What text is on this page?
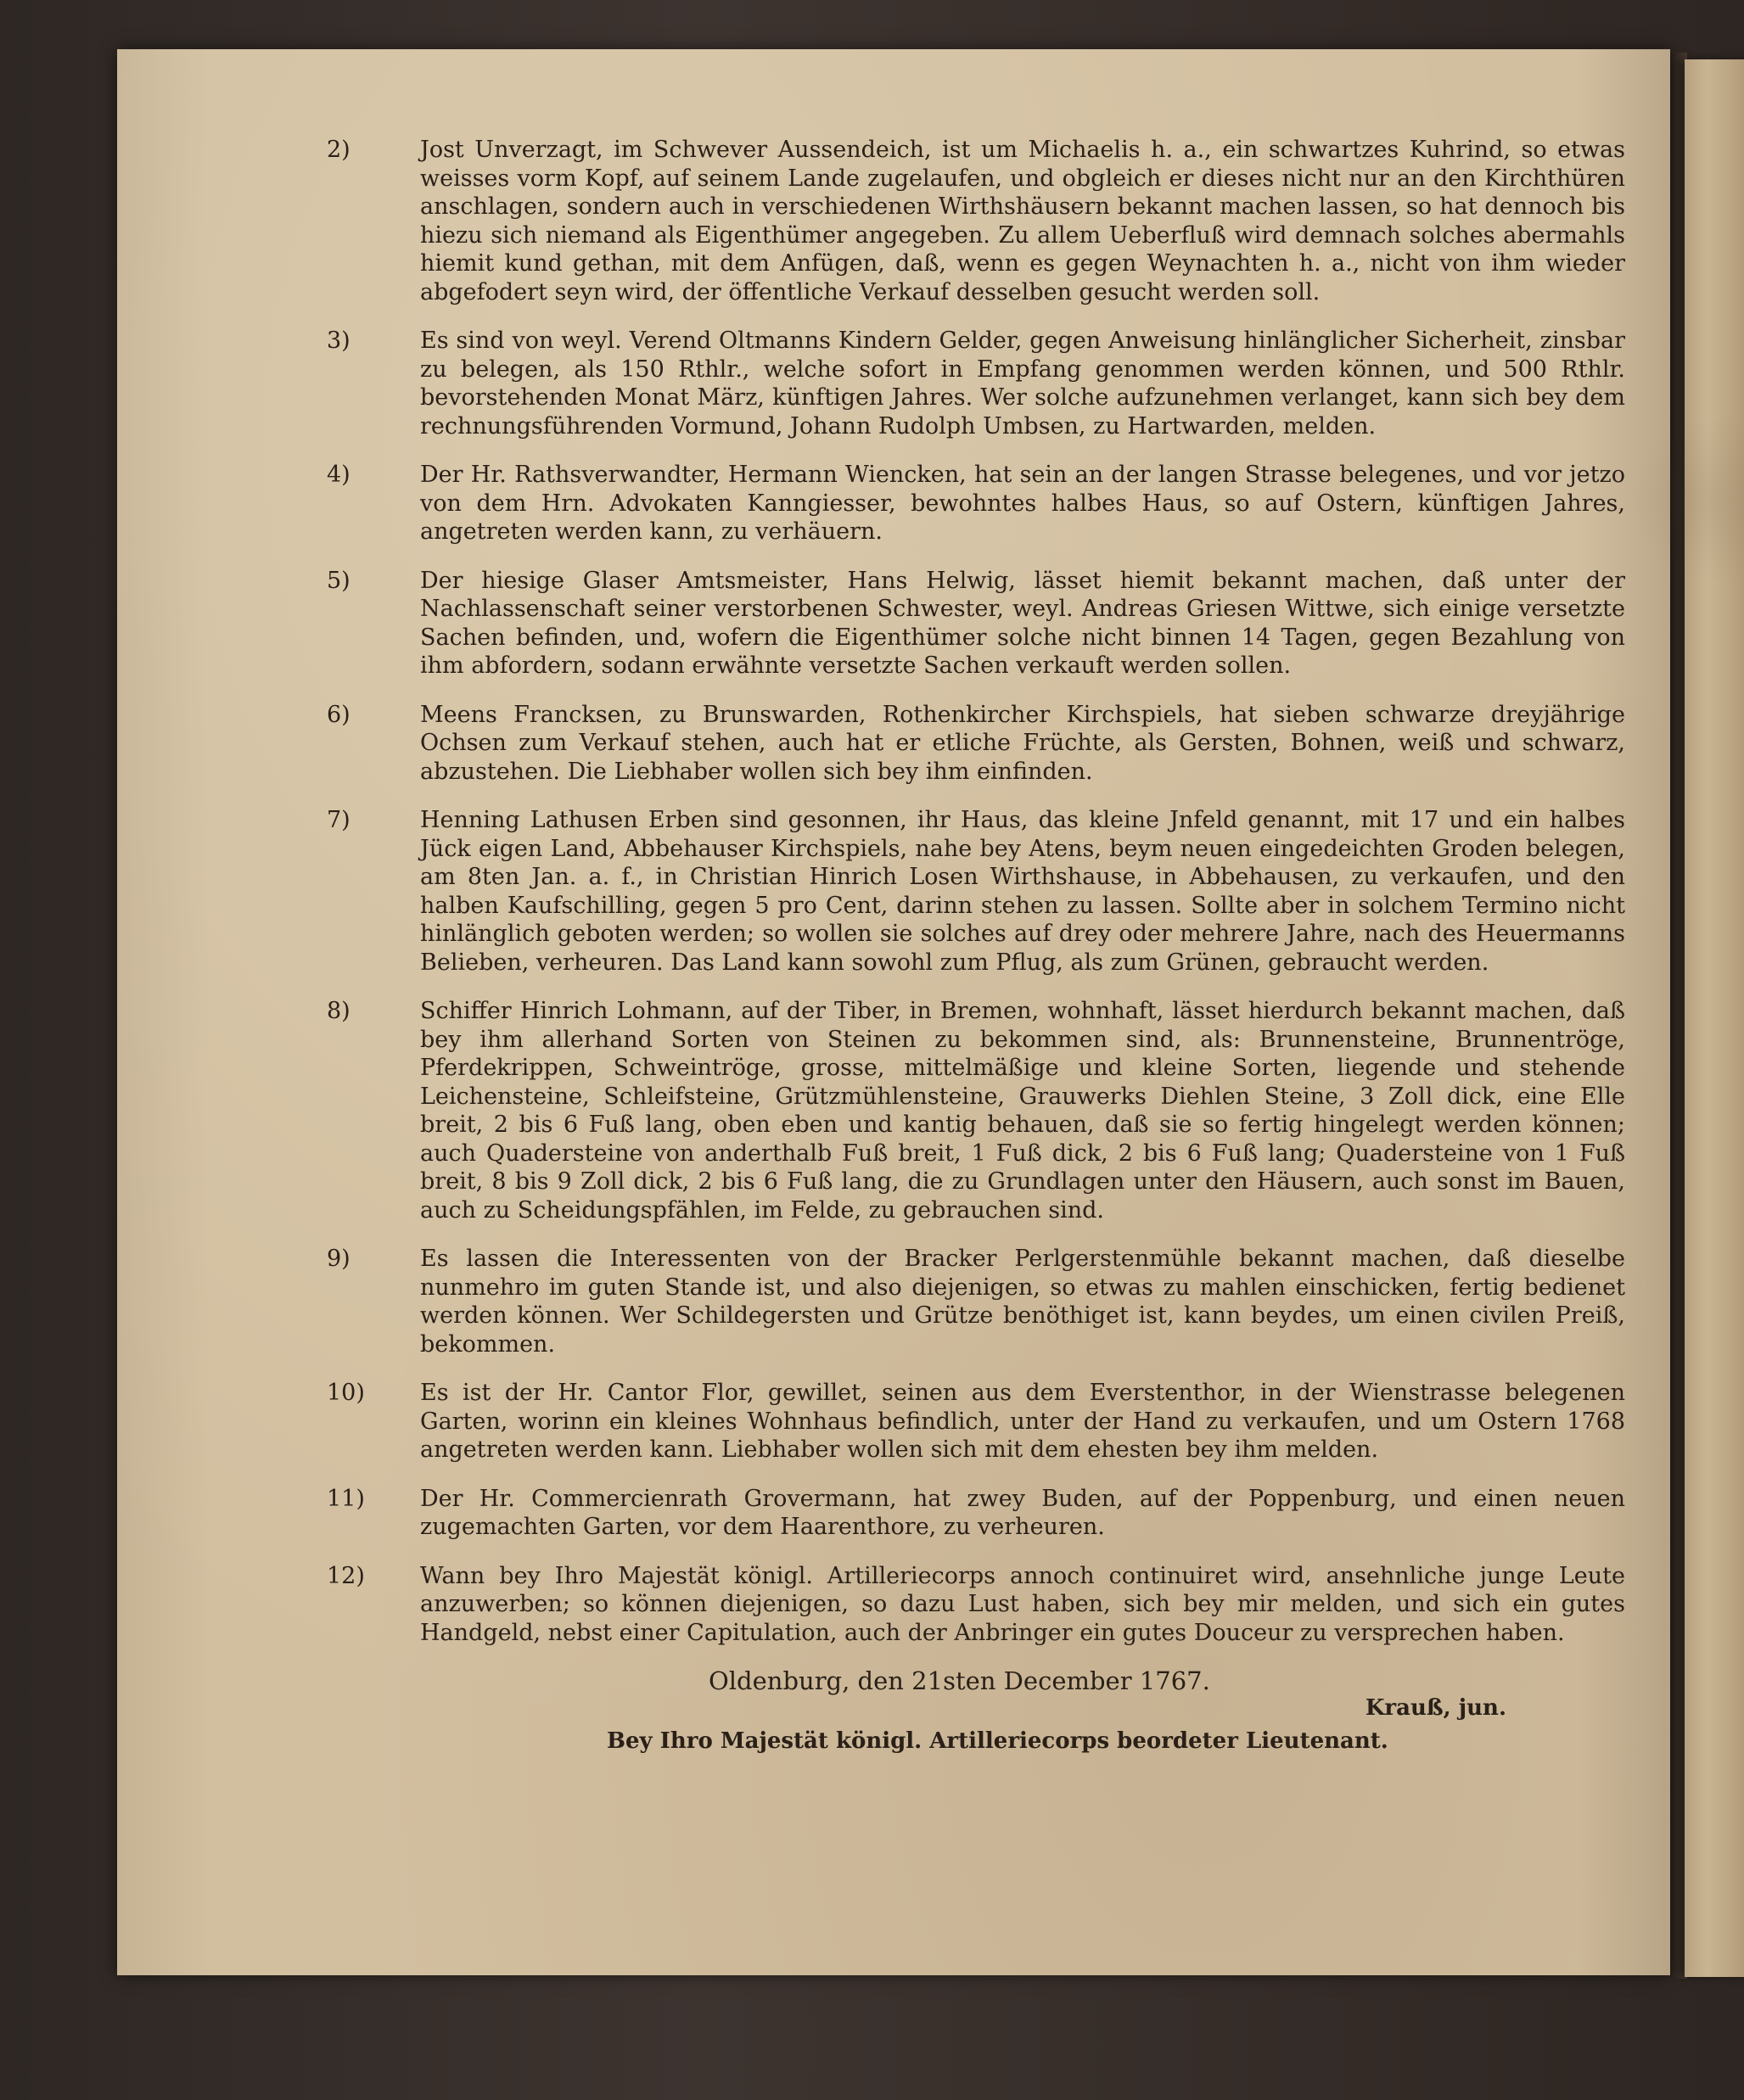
2)	Jost Unverzagt, im Schwever Aussendeich, ist um Michaelis h. a., ein schwartzes Kuhrind, so etwas weisses vorm Kopf, auf seinem Lande zugelaufen, und obgleich er dieses nicht nur an den Kirchthüren anschlagen, sondern auch in verschiedenen Wirthshäusern bekannt machen lassen, so hat dennoch bis hiezu sich niemand als Eigenthümer angegeben. Zu allem Ueberfluß wird demnach solches abermahls hiemit kund gethan, mit dem Anfügen, daß, wenn es gegen Weynachten h. a., nicht von ihm wieder abgefodert seyn wird, der öffentliche Verkauf desselben gesucht werden soll.
3)	Es sind von weyl. Verend Oltmanns Kindern Gelder, gegen Anweisung hinlänglicher Sicherheit, zinsbar zu belegen, als 150 Rthlr., welche sofort in Empfang genommen werden können, und 500 Rthlr. bevorstehenden Monat März, künftigen Jahres. Wer solche aufzunehmen verlanget, kann sich bey dem rechnungsführenden Vormund, Johann Rudolph Umbsen, zu Hartwarden, melden.
4)	Der Hr. Rathsverwandter, Hermann Wiencken, hat sein an der langen Strasse belegenes, und vor jetzo von dem Hrn. Advokaten Kanngiesser, bewohntes halbes Haus, so auf Ostern, künftigen Jahres, angetreten werden kann, zu verhäuern.
5)	Der hiesige Glaser Amtsmeister, Hans Helwig, lässet hiemit bekannt machen, daß unter der Nachlassenschaft seiner verstorbenen Schwester, weyl. Andreas Griesen Wittwe, sich einige versetzte Sachen befinden, und, wofern die Eigenthümer solche nicht binnen 14 Tagen, gegen Bezahlung von ihm abfordern, sodann erwähnte versetzte Sachen verkauft werden sollen.
6)	Meens Francksen, zu Brunswarden, Rothenkircher Kirchspiels, hat sieben schwarze dreyjährige Ochsen zum Verkauf stehen, auch hat er etliche Früchte, als Gersten, Bohnen, weiß und schwarz, abzustehen. Die Liebhaber wollen sich bey ihm einfinden.
7)	Henning Lathusen Erben sind gesonnen, ihr Haus, das kleine Jnfeld genannt, mit 17 und ein halbes Jück eigen Land, Abbehauser Kirchspiels, nahe bey Atens, beym neuen eingedeichten Groden belegen, am 8ten Jan. a. f., in Christian Hinrich Losen Wirthshause, in Abbehausen, zu verkaufen, und den halben Kaufschilling, gegen 5 pro Cent, darinn stehen zu lassen. Sollte aber in solchem Termino nicht hinlänglich geboten werden; so wollen sie solches auf drey oder mehrere Jahre, nach des Heuermanns Belieben, verheuren. Das Land kann sowohl zum Pflug, als zum Grünen, gebraucht werden.
8)	Schiffer Hinrich Lohmann, auf der Tiber, in Bremen, wohnhaft, lässet hierdurch bekannt machen, daß bey ihm allerhand Sorten von Steinen zu bekommen sind, als: Brunnensteine, Brunnentröge, Pferdekrippen, Schweintröge, grosse, mittelmäßige und kleine Sorten, liegende und stehende Leichensteine, Schleifsteine, Grützmühlensteine, Grauwerks Diehlen Steine, 3 Zoll dick, eine Elle breit, 2 bis 6 Fuß lang, oben eben und kantig behauen, daß sie so fertig hingelegt werden können; auch Quadersteine von anderthalb Fuß breit, 1 Fuß dick, 2 bis 6 Fuß lang; Quadersteine von 1 Fuß breit, 8 bis 9 Zoll dick, 2 bis 6 Fuß lang, die zu Grundlagen unter den Häusern, auch sonst im Bauen, auch zu Scheidungspfählen, im Felde, zu gebrauchen sind.
9)	Es lassen die Interessenten von der Bracker Perlgerstenmühle bekannt machen, daß dieselbe nunmehro im guten Stande ist, und also diejenigen, so etwas zu mahlen einschicken, fertig bedienet werden können. Wer Schildegersten und Grütze benöthiget ist, kann beydes, um einen civilen Preiß, bekommen.
10)	Es ist der Hr. Cantor Flor, gewillet, seinen aus dem Everstenthor, in der Wienstrasse belegenen Garten, worinn ein kleines Wohnhaus befindlich, unter der Hand zu verkaufen, und um Ostern 1768 angetreten werden kann. Liebhaber wollen sich mit dem ehesten bey ihm melden.
11)	Der Hr. Commercienrath Grovermann, hat zwey Buden, auf der Poppenburg, und einen neuen zugemachten Garten, vor dem Haarenthore, zu verheuren.
12)	Wann bey Ihro Majestät königl. Artilleriecorps annoch continuiret wird, ansehnliche junge Leute anzuwerben; so können diejenigen, so dazu Lust haben, sich bey mir melden, und sich ein gutes Handgeld, nebst einer Capitulation, auch der Anbringer ein gutes Douceur zu versprechen haben.
Oldenburg, den 21sten December 1767.
Krauß, jun.
Bey Ihro Majestät königl. Artilleriecorps beordeter Lieutenant.
